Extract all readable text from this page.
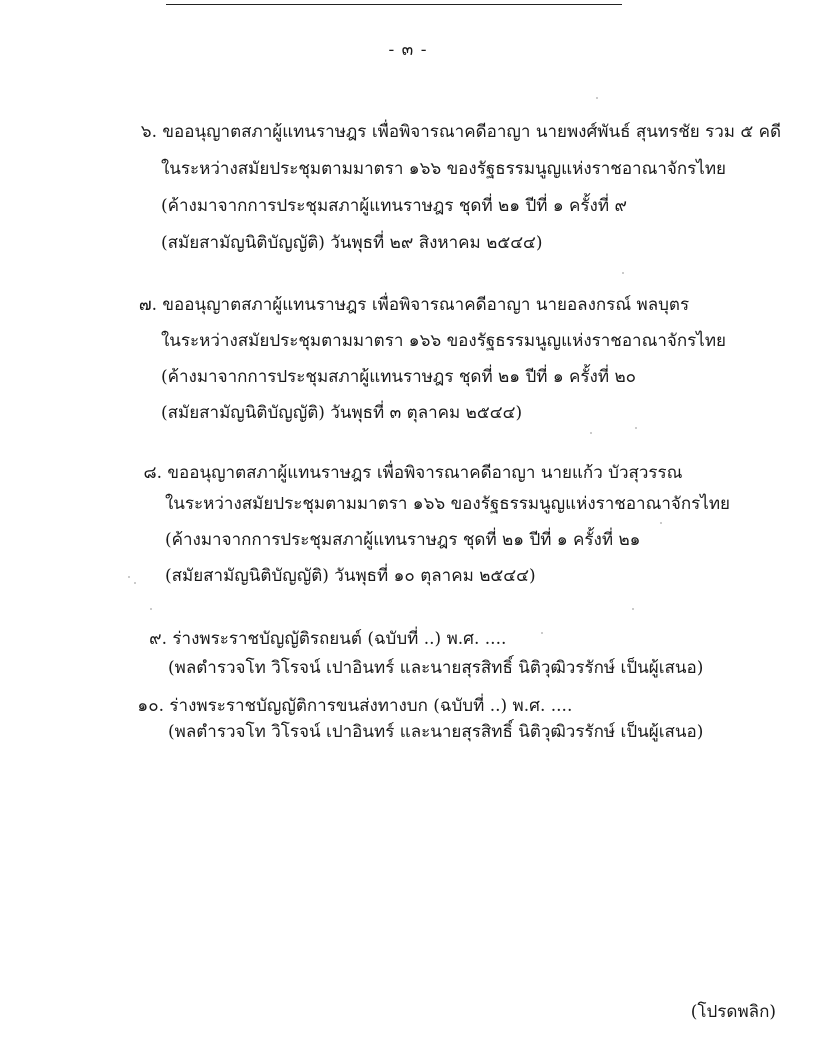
- ๓ -
๖. ขออนุญาตสภาผู้แทนราษฎร เพื่อพิจารณาคดีอาญา นายพงศ์พันธ์ สุนทรชัย รวม ๕ คดี
ในระหว่างสมัยประชุมตามมาตรา ๑๖๖ ของรัฐธรรมนูญแห่งราชอาณาจักรไทย
(ค้างมาจากการประชุมสภาผู้แทนราษฎร ชุดที่ ๒๑ ปีที่ ๑ ครั้งที่ ๙
(สมัยสามัญนิติบัญญัติ) วันพุธที่ ๒๙ สิงหาคม ๒๕๔๔)
๗. ขออนุญาตสภาผู้แทนราษฎร เพื่อพิจารณาคดีอาญา นายอลงกรณ์ พลบุตร
ในระหว่างสมัยประชุมตามมาตรา ๑๖๖ ของรัฐธรรมนูญแห่งราชอาณาจักรไทย
(ค้างมาจากการประชุมสภาผู้แทนราษฎร ชุดที่ ๒๑ ปีที่ ๑ ครั้งที่ ๒๐
(สมัยสามัญนิติบัญญัติ) วันพุธที่ ๓ ตุลาคม ๒๕๔๔)
๘. ขออนุญาตสภาผู้แทนราษฎร เพื่อพิจารณาคดีอาญา นายแก้ว บัวสุวรรณ
ในระหว่างสมัยประชุมตามมาตรา ๑๖๖ ของรัฐธรรมนูญแห่งราชอาณาจักรไทย
(ค้างมาจากการประชุมสภาผู้แทนราษฎร ชุดที่ ๒๑ ปีที่ ๑ ครั้งที่ ๒๑
(สมัยสามัญนิติบัญญัติ) วันพุธที่ ๑๐ ตุลาคม ๒๕๔๔)
๙. ร่างพระราชบัญญัติรถยนต์ (ฉบับที่ ..) พ.ศ. ....
(พลตำรวจโท วิโรจน์ เปาอินทร์ และนายสุรสิทธิ์ นิติวุฒิวรรักษ์ เป็นผู้เสนอ)
๑๐. ร่างพระราชบัญญัติการขนส่งทางบก (ฉบับที่ ..) พ.ศ. ....
(พลตำรวจโท วิโรจน์ เปาอินทร์ และนายสุรสิทธิ์ นิติวุฒิวรรักษ์ เป็นผู้เสนอ)
(โปรดพลิก)
